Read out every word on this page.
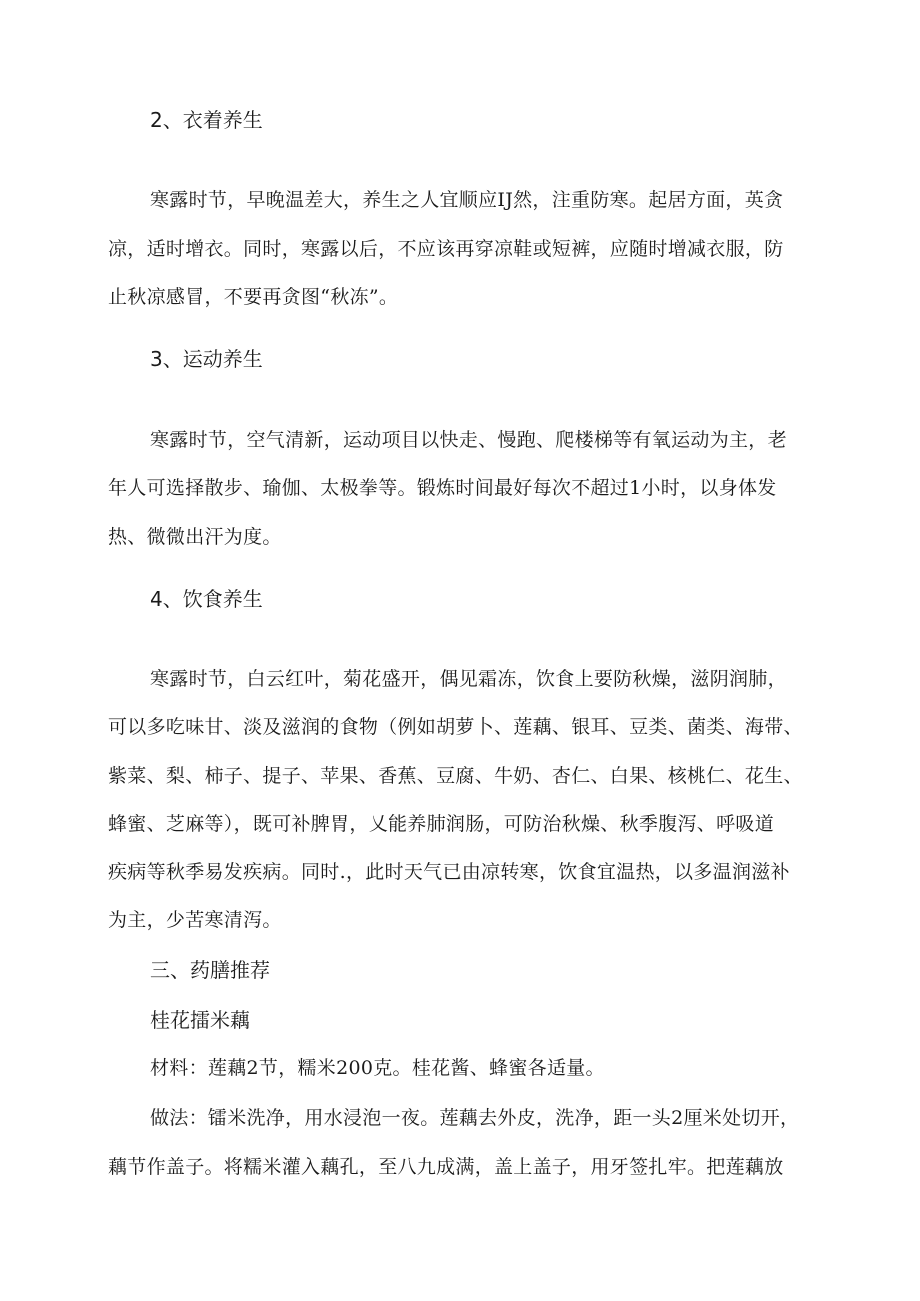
2、衣着养生
寒露时节，早晚温差大，养生之人宜顺应IJ然，注重防寒。起居方面，英贪
凉，适时增衣。同时，寒露以后，不应该再穿凉鞋或短裤，应随时增减衣服，防
止秋凉感冒，不要再贪图“秋冻”。
3、运动养生
寒露时节，空气清新，运动项目以快走、慢跑、爬楼梯等有氧运动为主，老
年人可选择散步、瑜伽、太极拳等。锻炼时间最好每次不超过1小时，以身体发
热、微微出汗为度。
4、饮食养生
寒露时节，白云红叶，菊花盛开，偶见霜冻，饮食上要防秋燥，滋阴润肺，
可以多吃味甘、淡及滋润的食物（例如胡萝卜、莲藕、银耳、豆类、菌类、海带、
紫菜、梨、柿子、提子、苹果、香蕉、豆腐、牛奶、杏仁、白果、核桃仁、花生、
蜂蜜、芝麻等），既可补脾胃，乂能养肺润肠，可防治秋燥、秋季腹泻、呼吸道
疾病等秋季易发疾病。同时.，此时天气已由凉转寒，饮食宜温热，以多温润滋补
为主，少苦寒清泻。
三、药膳推荐
桂花擂米藕
材料：莲藕2节，糯米200克。桂花酱、蜂蜜各适量。
做法：镭米洗净，用水浸泡一夜。莲藕去外皮，洗净，距一头2厘米处切开，
藕节作盖子。将糯米灌入藕孔，至八九成满，盖上盖子，用牙签扎牢。把莲藕放
